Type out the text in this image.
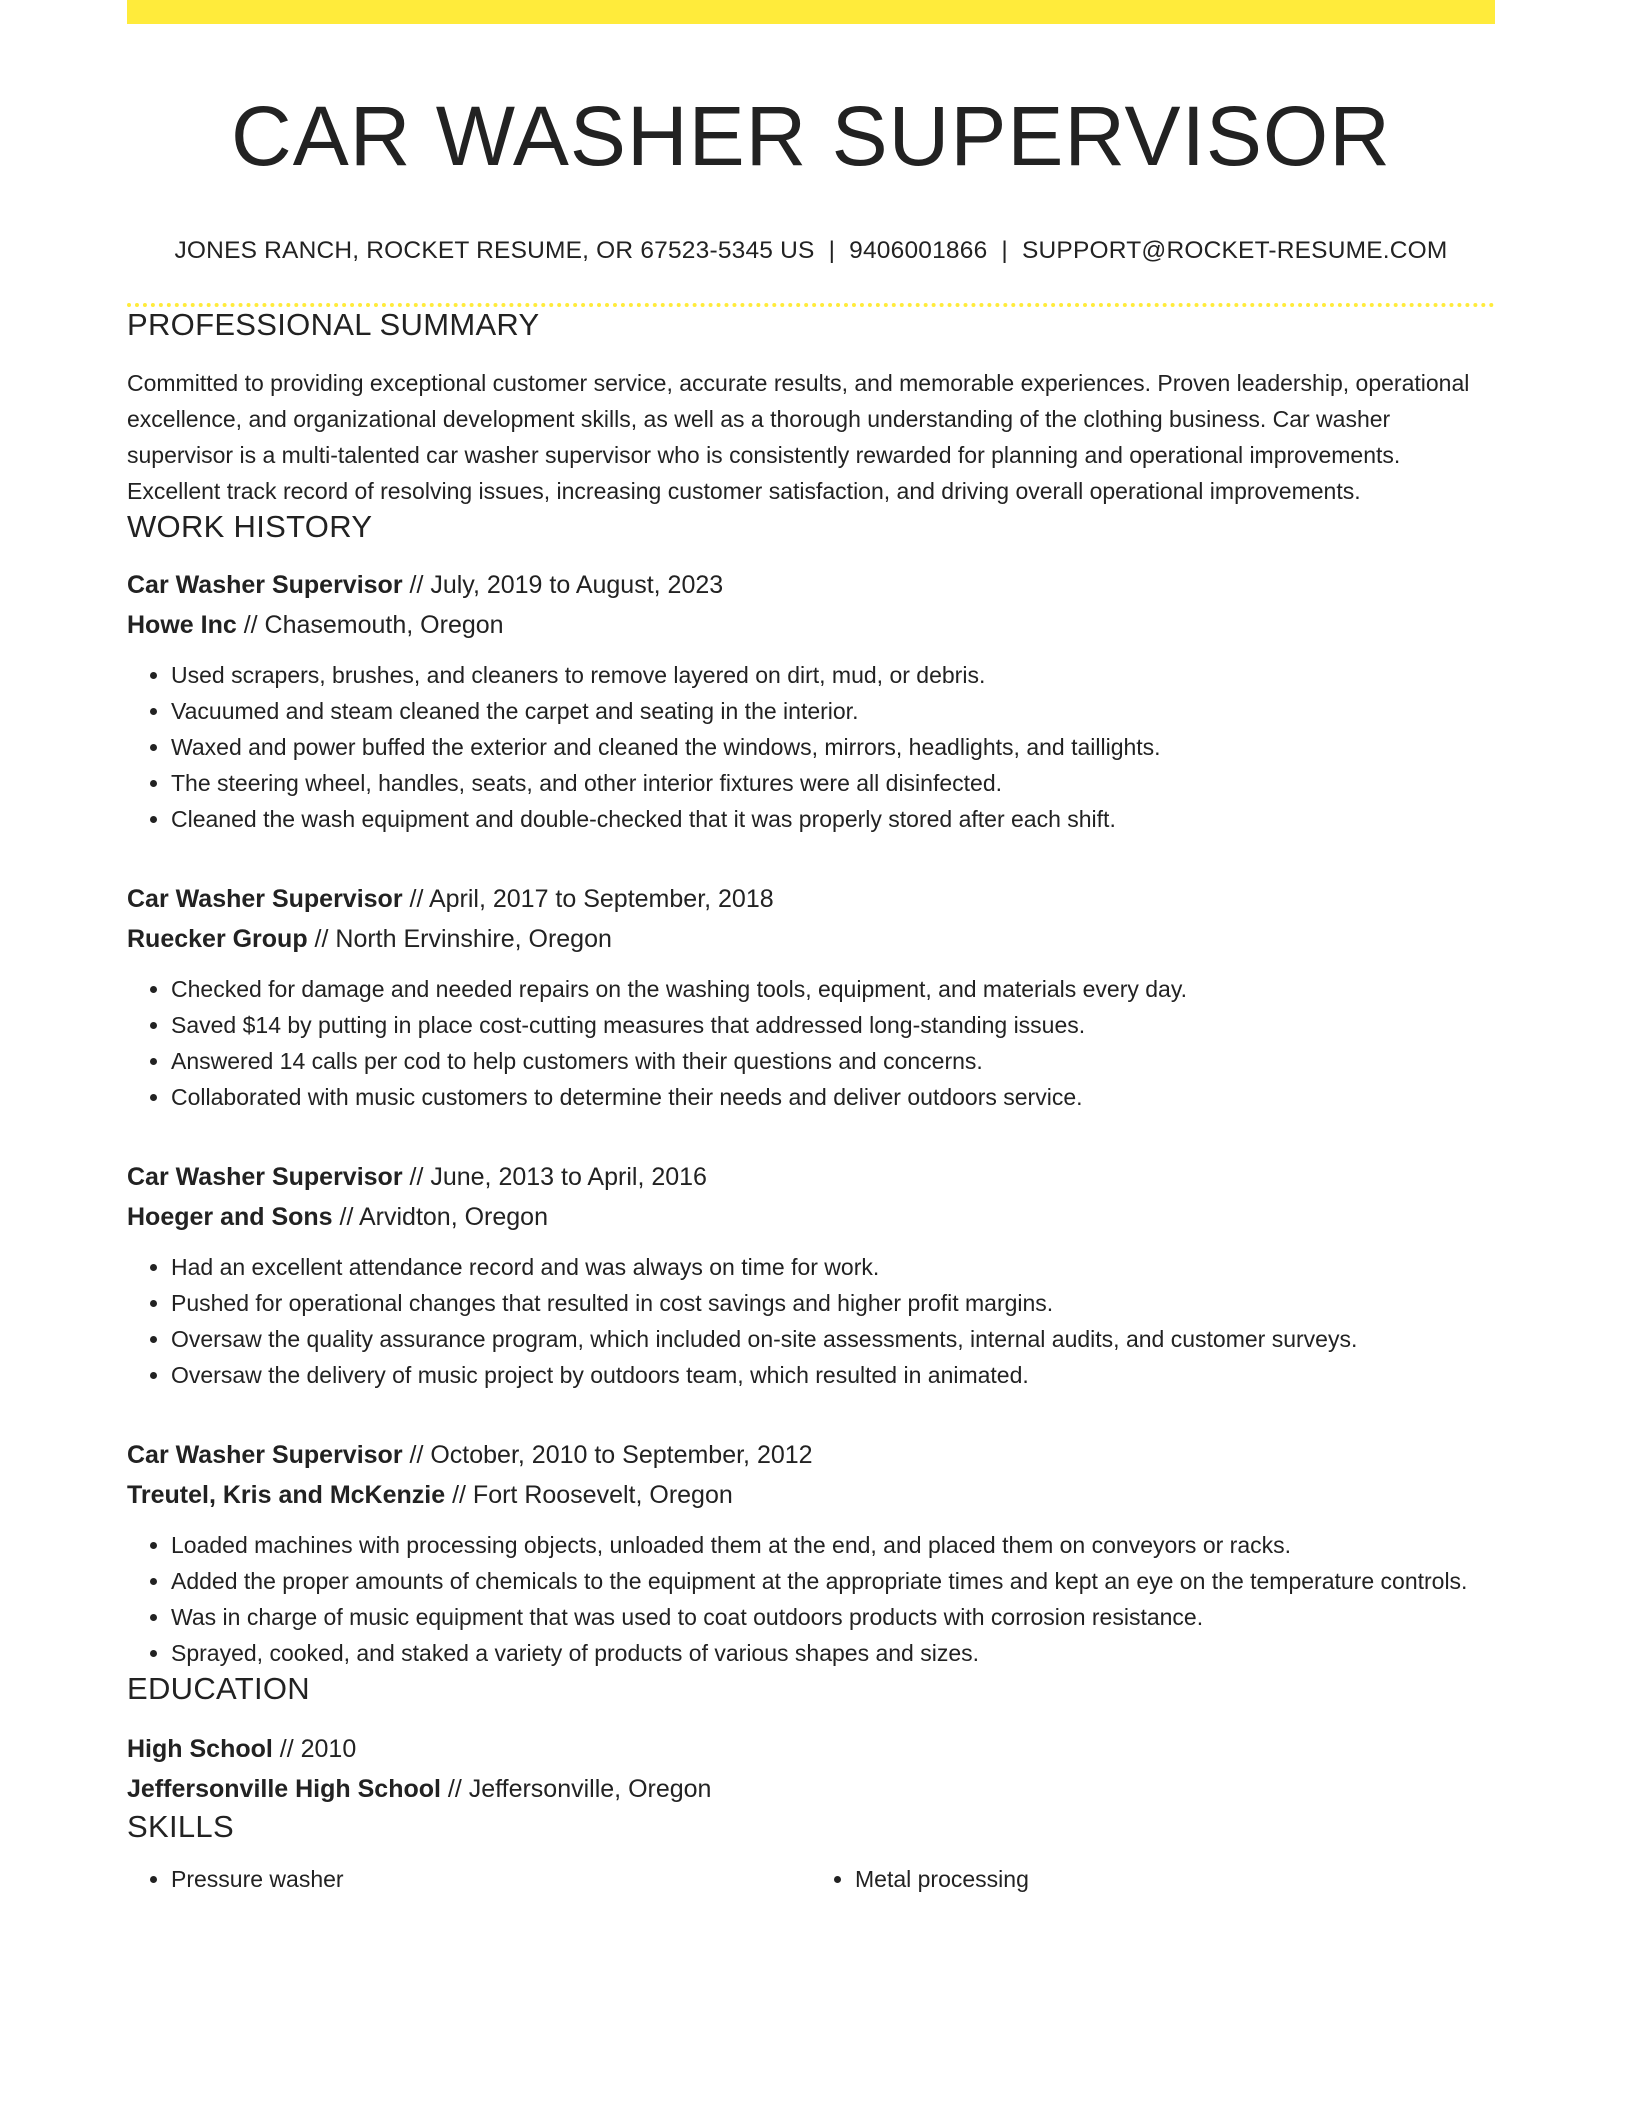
CAR WASHER SUPERVISOR
JONES RANCH, ROCKET RESUME, OR 67523-5345 US | 9406001866 | SUPPORT@ROCKET-RESUME.COM
PROFESSIONAL SUMMARY
Committed to providing exceptional customer service, accurate results, and memorable experiences. Proven leadership, operational excellence, and organizational development skills, as well as a thorough understanding of the clothing business. Car washer supervisor is a multi-talented car washer supervisor who is consistently rewarded for planning and operational improvements. Excellent track record of resolving issues, increasing customer satisfaction, and driving overall operational improvements.
WORK HISTORY
Car Washer Supervisor // July, 2019 to August, 2023
Howe Inc // Chasemouth, Oregon
• Used scrapers, brushes, and cleaners to remove layered on dirt, mud, or debris.
• Vacuumed and steam cleaned the carpet and seating in the interior.
• Waxed and power buffed the exterior and cleaned the windows, mirrors, headlights, and taillights.
• The steering wheel, handles, seats, and other interior fixtures were all disinfected.
• Cleaned the wash equipment and double-checked that it was properly stored after each shift.
Car Washer Supervisor // April, 2017 to September, 2018
Ruecker Group // North Ervinshire, Oregon
• Checked for damage and needed repairs on the washing tools, equipment, and materials every day.
• Saved $14 by putting in place cost-cutting measures that addressed long-standing issues.
• Answered 14 calls per cod to help customers with their questions and concerns.
• Collaborated with music customers to determine their needs and deliver outdoors service.
Car Washer Supervisor // June, 2013 to April, 2016
Hoeger and Sons // Arvidton, Oregon
• Had an excellent attendance record and was always on time for work.
• Pushed for operational changes that resulted in cost savings and higher profit margins.
• Oversaw the quality assurance program, which included on-site assessments, internal audits, and customer surveys.
• Oversaw the delivery of music project by outdoors team, which resulted in animated.
Car Washer Supervisor // October, 2010 to September, 2012
Treutel, Kris and McKenzie // Fort Roosevelt, Oregon
• Loaded machines with processing objects, unloaded them at the end, and placed them on conveyors or racks.
• Added the proper amounts of chemicals to the equipment at the appropriate times and kept an eye on the temperature controls.
• Was in charge of music equipment that was used to coat outdoors products with corrosion resistance.
• Sprayed, cooked, and staked a variety of products of various shapes and sizes.
EDUCATION
High School // 2010
Jeffersonville High School // Jeffersonville, Oregon
SKILLS
• Pressure washer
•	Metal processing
